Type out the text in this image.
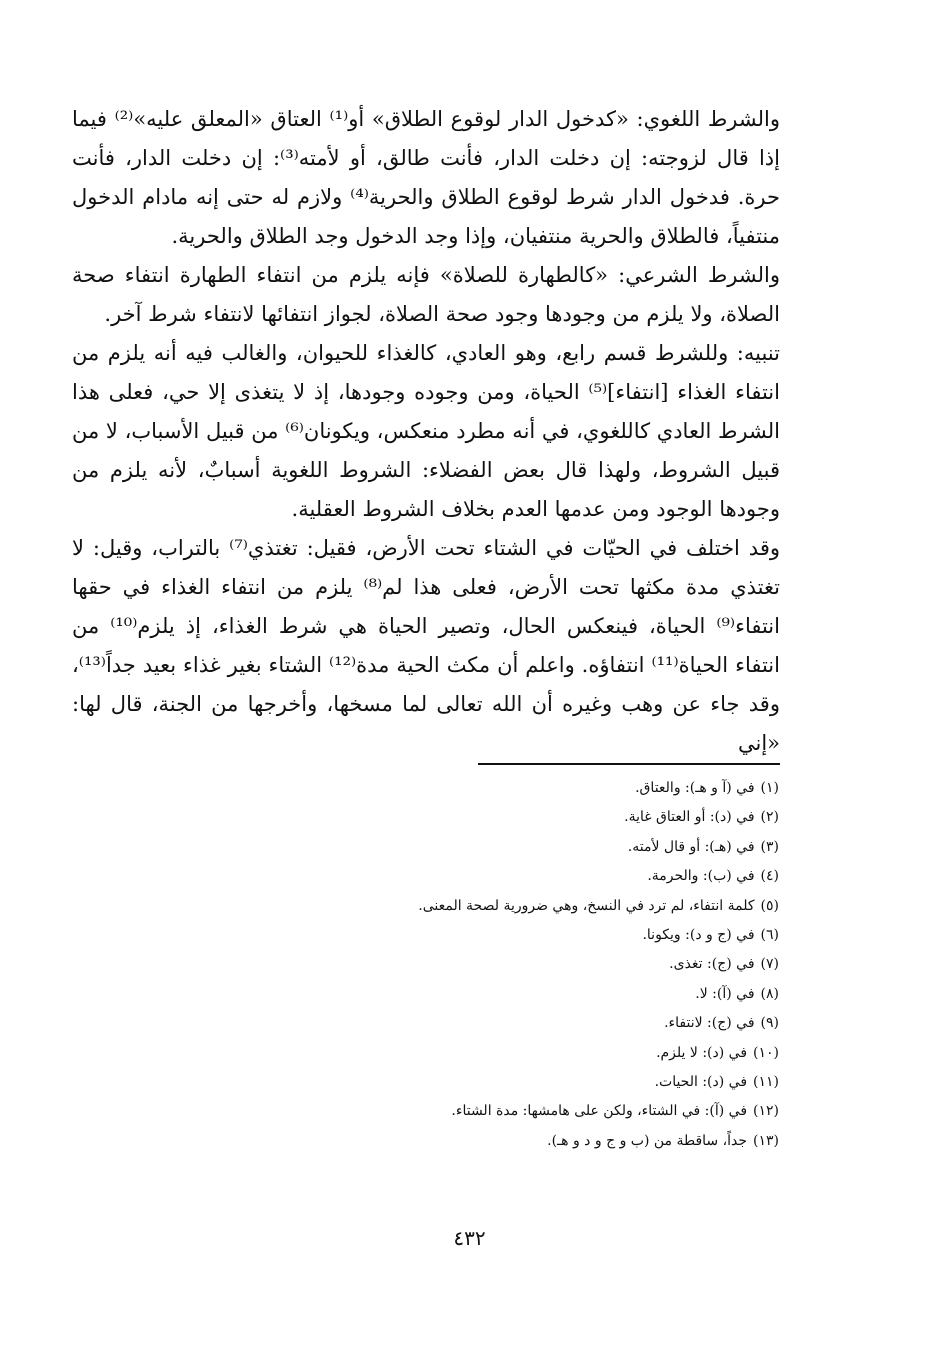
والشرط اللغوي: «كدخول الدار لوقوع الطلاق» أو⁽¹⁾ العتاق «المعلق عليه»⁽²⁾ فيما إذا قال لزوجته: إن دخلت الدار، فأنت طالق، أو لأمته⁽³⁾: إن دخلت الدار، فأنت حرة. فدخول الدار شرط لوقوع الطلاق والحرية⁽⁴⁾ ولازم له حتى إنه مادام الدخول منتفياً، فالطلاق والحرية منتفيان، وإذا وجد الدخول وجد الطلاق والحرية.

والشرط الشرعي: «كالطهارة للصلاة» فإنه يلزم من انتفاء الطهارة انتفاء صحة الصلاة، ولا يلزم من وجودها وجود صحة الصلاة، لجواز انتفائها لانتفاء شرط آخر.

تنبيه: وللشرط قسم رابع، وهو العادي، كالغذاء للحيوان، والغالب فيه أنه يلزم من انتفاء الغذاء [انتفاء]⁽⁵⁾ الحياة، ومن وجوده وجودها، إذ لا يتغذى إلا حي، فعلى هذا الشرط العادي كاللغوي، في أنه مطرد منعكس، ويكونان⁽⁶⁾ من قبيل الأسباب، لا من قبيل الشروط، ولهذا قال بعض الفضلاء: الشروط اللغوية أسبابٌ، لأنه يلزم من وجودها الوجود ومن عدمها العدم بخلاف الشروط العقلية.

وقد اختلف في الحيّات في الشتاء تحت الأرض، فقيل: تغتذي⁽⁷⁾ بالتراب، وقيل: لا تغتذي مدة مكثها تحت الأرض، فعلى هذا لم⁽⁸⁾ يلزم من انتفاء الغذاء في حقها انتفاء⁽⁹⁾ الحياة، فينعكس الحال، وتصير الحياة هي شرط الغذاء، إذ يلزم⁽¹⁰⁾ من انتفاء الحياة⁽¹¹⁾ انتفاؤه. واعلم أن مكث الحية مدة⁽¹²⁾ الشتاء بغير غذاء بعيد جداً⁽¹³⁾، وقد جاء عن وهب وغيره أن الله تعالى لما مسخها، وأخرجها من الجنة، قال لها: «إني

(١)في (آ و هـ): والعتاق.
(٢)في (د): أو العتاق غاية.
(٣)في (هـ): أو قال لأمته.
(٤)في (ب): والحرمة.
(٥)كلمة انتفاء، لم ترد في النسخ، وهي ضرورية لصحة المعنى.
(٦)في (ج و د): ويكونا.
(٧)في (ج): تغذى.
(٨)في (آ): لا.
(٩)في (ج): لانتفاء.
(١٠)في (د): لا يلزم.
(١١)في (د): الحيات.
(١٢)في (آ): في الشتاء، ولكن على هامشها: مدة الشتاء.
(١٣)جداً، ساقطة من (ب و ج و د و هـ).
٤٣٢
